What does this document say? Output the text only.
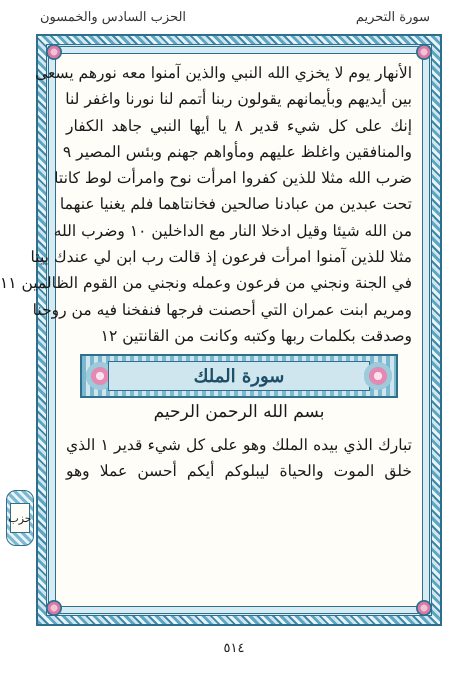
الحزب السادس والخمسون	سورة التحريم
الأنهار يوم لا يخزي الله النبي والذين آمنوا معه نورهم يسعى
بين أيديهم وبأيمانهم يقولون ربنا أتمم لنا نورنا واغفر لنا
إنك على كل شيء قدير ٨ يا أيها النبي جاهد الكفار
والمنافقين واغلظ عليهم ومأواهم جهنم وبئس المصير ٩
ضرب الله مثلا للذين كفروا امرأت نوح وامرأت لوط كانتا
تحت عبدين من عبادنا صالحين فخانتاهما فلم يغنيا عنهما
من الله شيئا وقيل ادخلا النار مع الداخلين ١٠ وضرب الله
مثلا للذين آمنوا امرأت فرعون إذ قالت رب ابن لي عندك بيتا
في الجنة ونجني من فرعون وعمله ونجني من القوم الظالمين ١١
ومريم ابنت عمران التي أحصنت فرجها فنفخنا فيه من روحنا
وصدقت بكلمات ربها وكتبه وكانت من القانتين ١٢
سورة الملك
بسم الله الرحمن الرحيم
تبارك الذي بيده الملك وهو على كل شيء قدير ١ الذي
خلق الموت والحياة ليبلوكم أيكم أحسن عملا وهو
حزب
٥١٤
